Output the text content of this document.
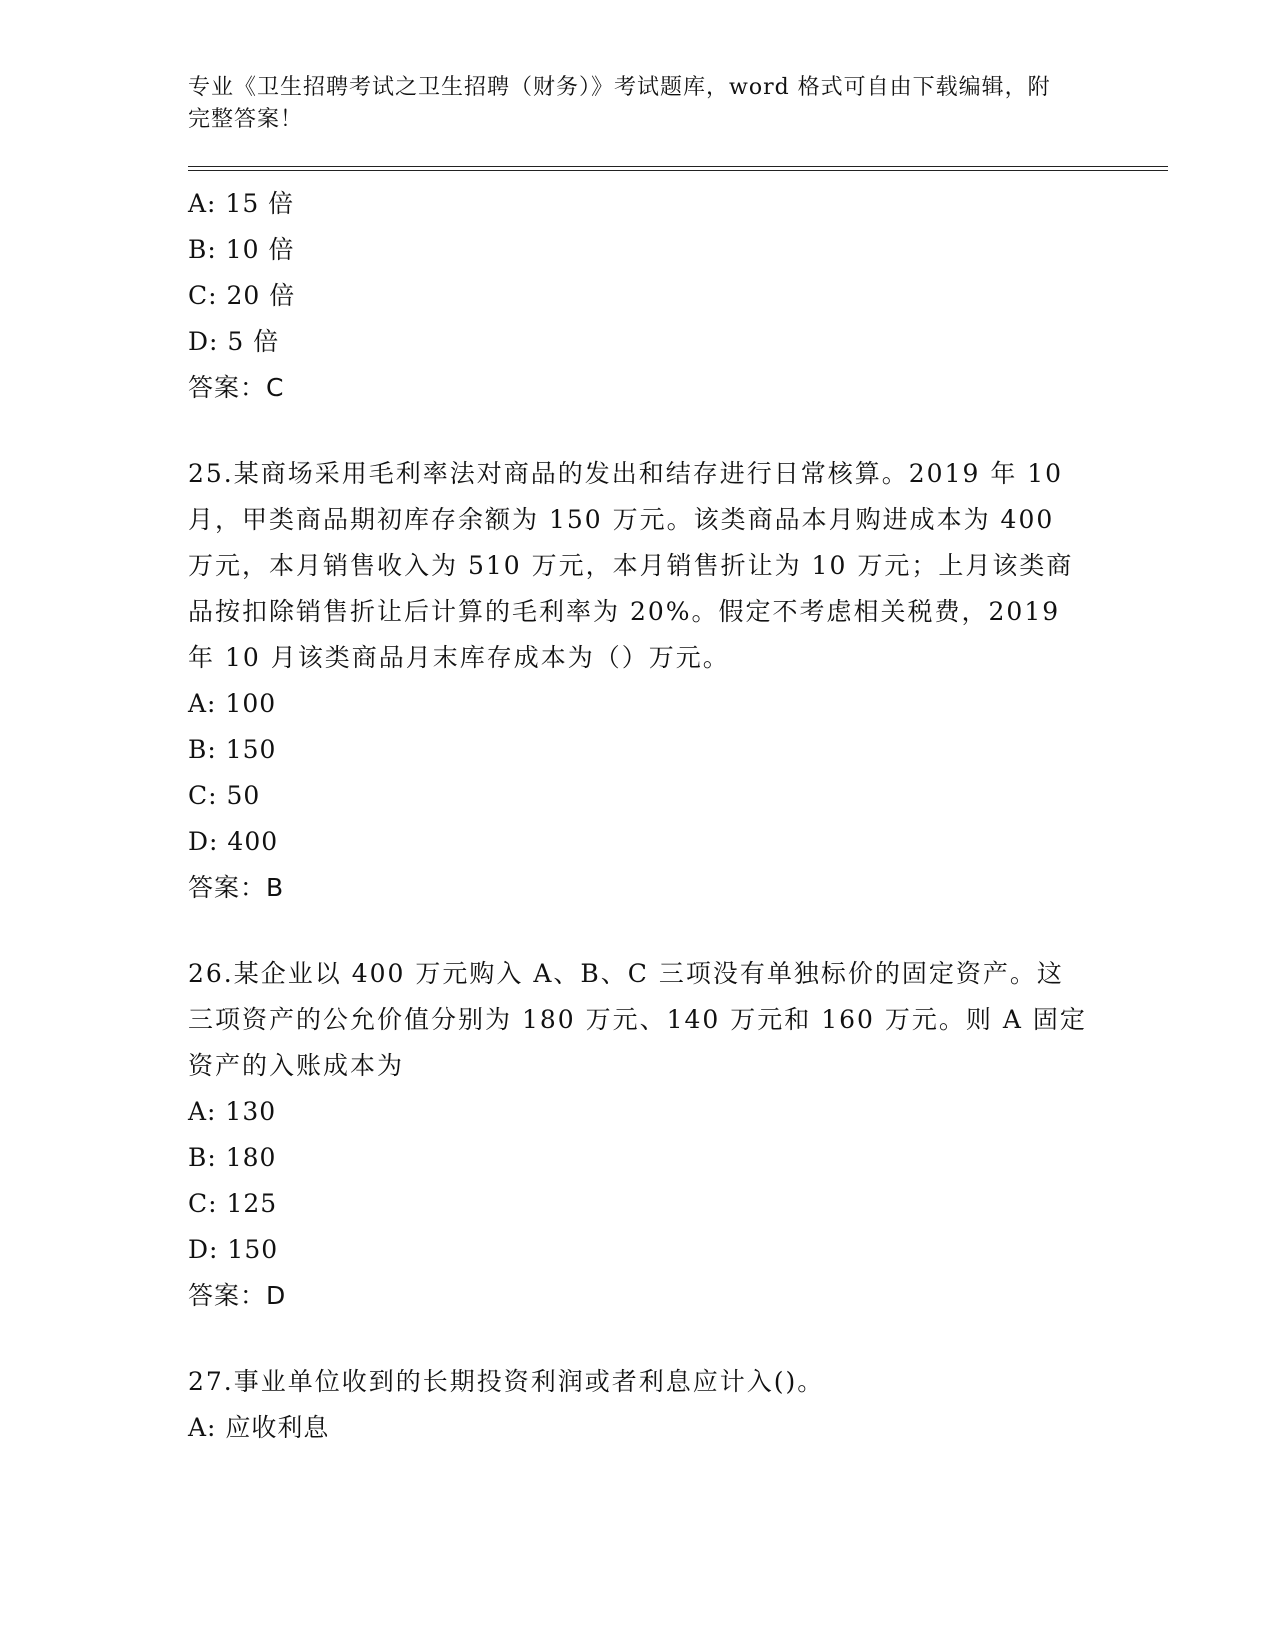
专业《卫生招聘考试之卫生招聘（财务）》考试题库，word 格式可自由下载编辑，附完整答案！

A: 15 倍

B: 10 倍

C: 20 倍

D: 5 倍

答案：C

25.某商场采用毛利率法对商品的发出和结存进行日常核算。2019 年 10 月，甲类商品期初库存余额为 150 万元。该类商品本月购进成本为 400 万元，本月销售收入为 510 万元，本月销售折让为 10 万元；上月该类商品按扣除销售折让后计算的毛利率为 20%。假定不考虑相关税费，2019 年 10 月该类商品月末库存成本为（）万元。

A: 100

B: 150

C: 50

D: 400

答案：B

26.某企业以 400 万元购入 A、B、C 三项没有单独标价的固定资产。这三项资产的公允价值分别为 180 万元、140 万元和 160 万元。则 A 固定资产的入账成本为

A: 130

B: 180

C: 125

D: 150

答案：D

27.事业单位收到的长期投资利润或者利息应计入()。

A: 应收利息
